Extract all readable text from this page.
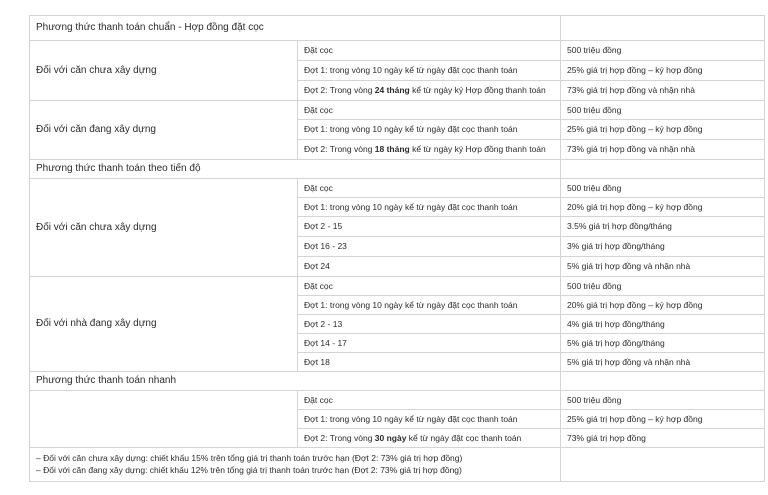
Phương thức thanh toán chuẩn - Hợp đồng đặt cọc		
Đối với căn chưa xây dựng	Đặt cọc	500 triệu đồng
	Đợt 1: trong vòng 10 ngày kể từ ngày đặt cọc thanh toán	25% giá trị hợp đồng – ký hợp đồng
	Đợt 2: Trong vòng 24 tháng kể từ ngày ký Hợp đồng thanh toán	73% giá trị hợp đồng và nhận nhà
Đối với căn đang xây dựng	Đặt cọc	500 triệu đồng
	Đợt 1: trong vòng 10 ngày kể từ ngày đặt cọc thanh toán	25% giá trị hợp đồng – ký hợp đồng
	Đợt 2: Trong vòng 18 tháng kể từ ngày ký Hợp đồng thanh toán	73% giá trị hợp đồng và nhận nhà
Phương thức thanh toán theo tiến độ		
Đối với căn chưa xây dựng	Đặt cọc	500 triệu đồng
	Đợt 1: trong vòng 10 ngày kể từ ngày đặt cọc thanh toán	20% giá trị hợp đồng – ký hợp đồng
	Đợt 2 - 15	3.5% giá trị hợp đồng/tháng
	Đợt 16 - 23	3% giá trị hợp đồng/tháng
	Đợt 24	5% giá trị hợp đồng và nhận nhà
Đối với nhà đang xây dựng	Đặt cọc	500 triệu đồng
	Đợt 1: trong vòng 10 ngày kể từ ngày đặt cọc thanh toán	20% giá trị hợp đồng – ký hợp đồng
	Đợt 2 - 13	4% giá trị hợp đồng/tháng
	Đợt 14 - 17	5% giá trị hợp đồng/tháng
	Đợt 18	5% giá trị hợp đồng và nhận nhà
Phương thức thanh toán nhanh		
	Đặt cọc	500 triệu đồng
	Đợt 1: trong vòng 10 ngày kể từ ngày đặt cọc thanh toán	25% giá trị hợp đồng – ký hợp đồng
	Đợt 2: Trong vòng 30 ngày kể từ ngày đặt cọc thanh toán	73% giá trị hợp đồng

– Đối với căn chưa xây dựng: chiết khấu 15% trên tổng giá trị thanh toán trước hạn (Đợt 2: 73% giá trị hợp đồng)
– Đối với căn đang xây dựng: chiết khấu 12% trên tổng giá trị thanh toán trước hạn (Đợt 2: 73% giá trị hợp đồng)		
